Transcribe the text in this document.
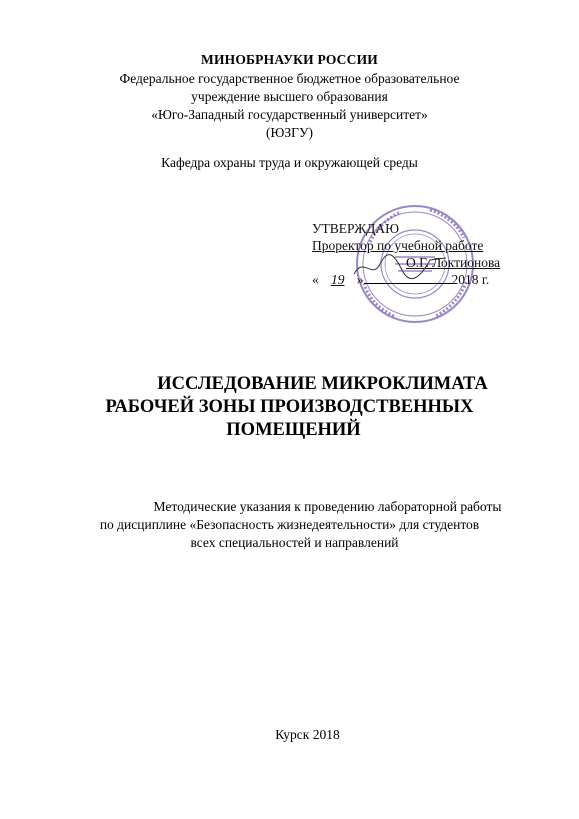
МИНОБРНАУКИ РОССИИ
Федеральное государственное бюджетное образовательное
учреждение высшего образования
«Юго-Западный государственный университет»
(ЮЗГУ)
Кафедра охраны труда и окружающей среды
УТВЕРЖДАЮ
Проректор по учебной работе
О.Г. Локтионова
« 19 »	2018 г.
ИССЛЕДОВАНИЕ МИКРОКЛИМАТА
РАБОЧЕЙ ЗОНЫ ПРОИЗВОДСТВЕННЫХ
ПОМЕЩЕНИЙ
Методические указания к проведению лабораторной работы
по дисциплине «Безопасность жизнедеятельности» для студентов
всех специальностей и направлений
Курск 2018
